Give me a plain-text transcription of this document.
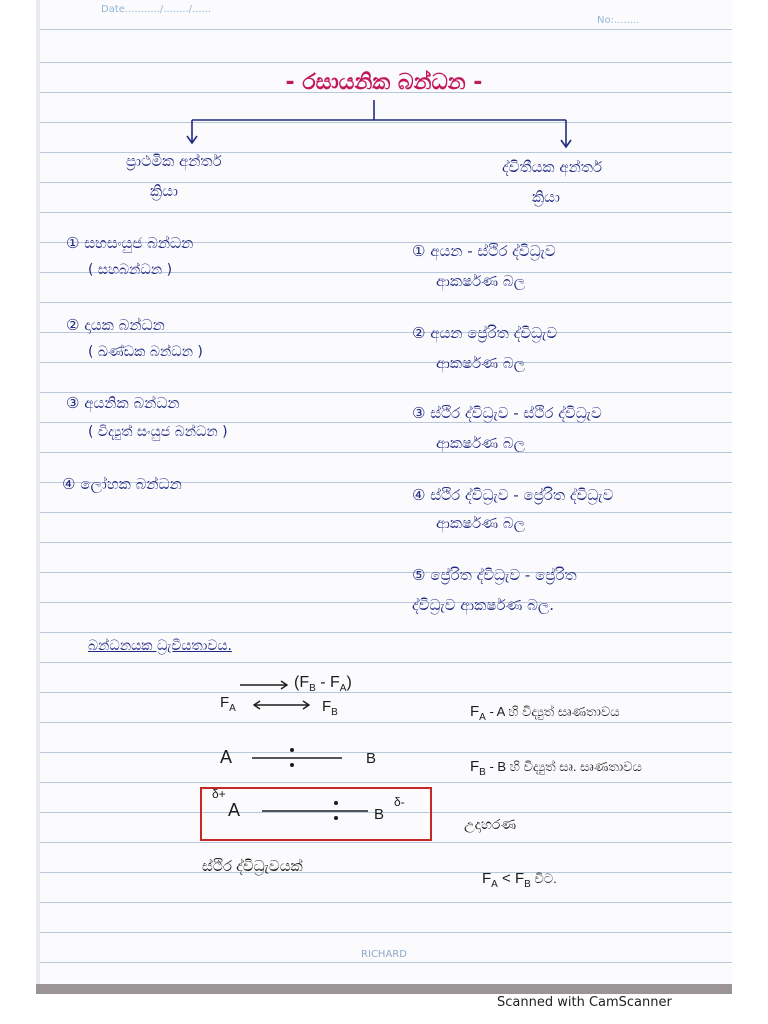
Date.........../......../......
No:........
- රසායනික බන්ධන -
ප්‍රාථමික අන්තර්
ක්‍රියා
ද්විතීයක අන්තර්
ක්‍රියා
① සහසංයුජ බන්ධන
( සහබන්ධන )
② දායක බන්ධන
( ඛණ්ඩක බන්ධන )
③ අයනික බන්ධන
( විද්‍යුත් සංයුජ බන්ධන )
④ ලෝහක බන්ධන
① අයන - ස්ථිර ද්විධ්‍රැව
ආකර්ෂණ බල
② අයන ප්‍රේරිත ද්විධ්‍රැව
ආකර්ෂණ බල
③ ස්ථිර ද්විධ්‍රැව - ස්ථිර ද්විධ්‍රැව
ආකර්ෂණ බල
④ ස්ථිර ද්විධ්‍රැව - ප්‍රේරිත ද්විධ්‍රැව
ආකර්ෂණ බල
⑤ ප්‍රේරිත ද්විධ්‍රැව - ප්‍රේරිත
ද්විධ්‍රැව ආකර්ෂණ බල.
බන්ධනයක ධ්‍රැවීයතාවය.
$(F_B - F_A)$
$F_A$	$F_B$
A	B
δ+
A	B
δ-
$F_A$ - A හි විද්‍යුත් සෘණතාවය
$F_B$ - B හි විද්‍යුත් සෘ. සෘණතාවය
උදාහරණ
ස්ථිර ද්විධ්‍රැවයක්
$F_A < F_B$ විට.
RICHARD
Scanned with CamScanner
